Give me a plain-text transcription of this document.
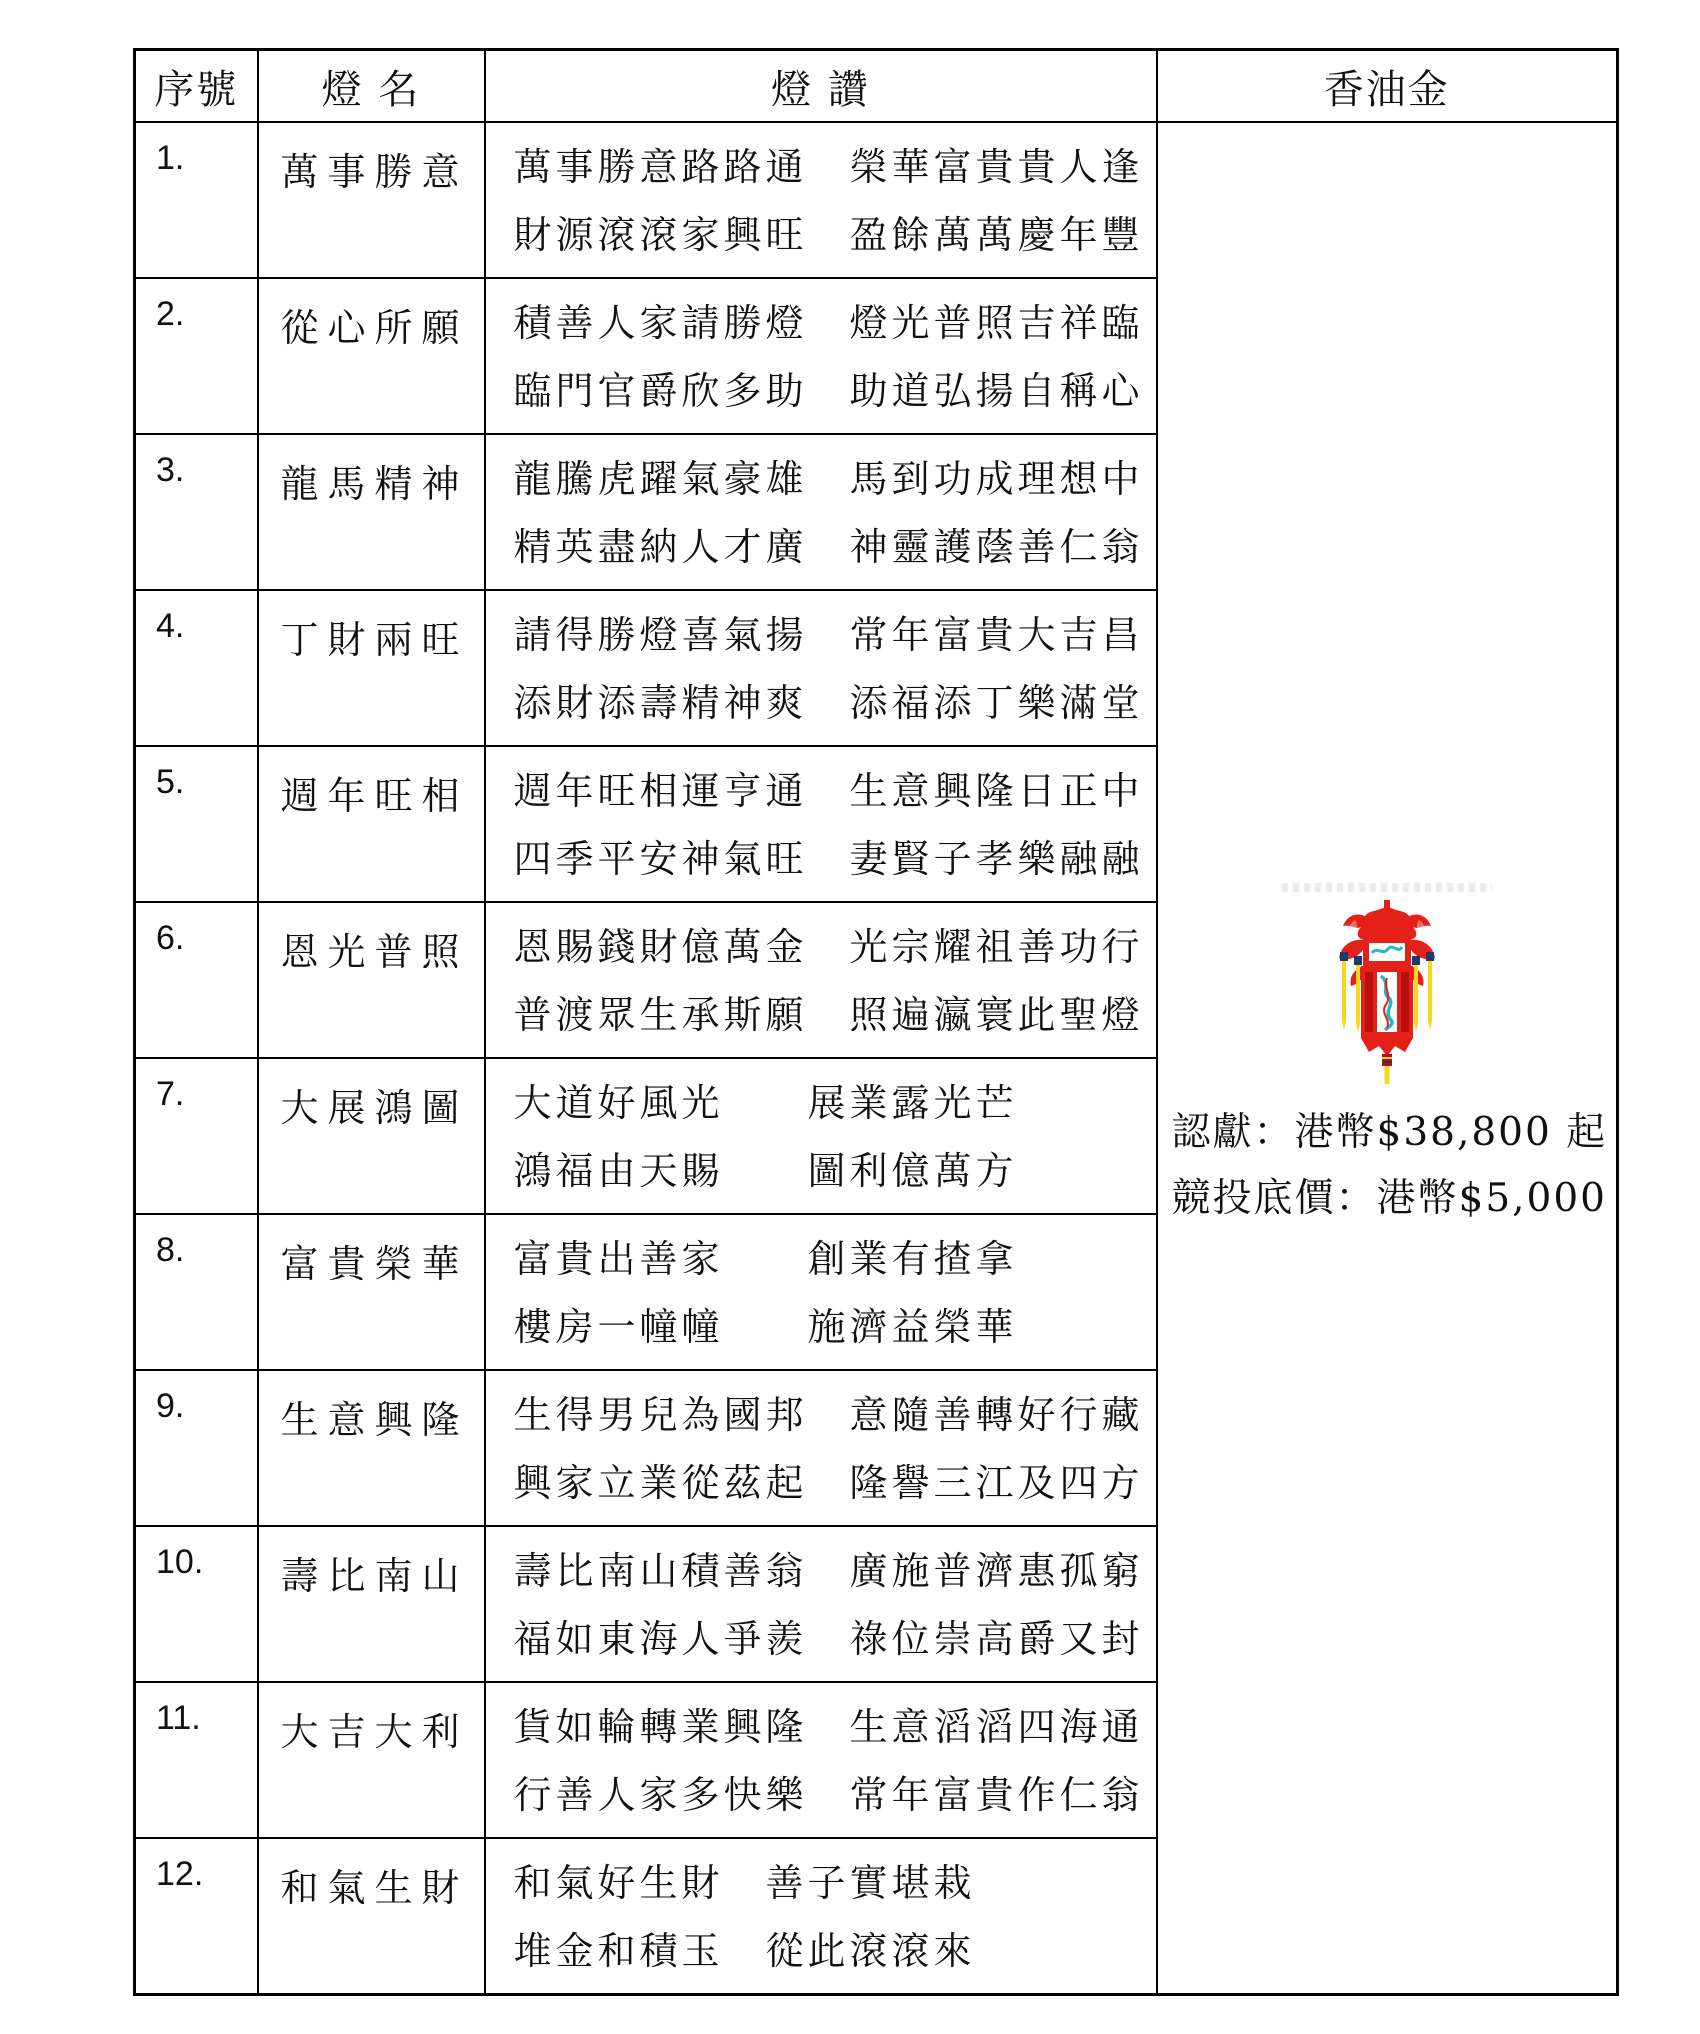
序號	燈 名	燈 讚	香油金
1.	萬事勝意	萬事勝意路路通　榮華富貴貴人逢
財源滾滾家興旺　盈餘萬萬慶年豐

認獻：港幣$38,800 起
競投底價：港幣$5,000

2.	從心所願	積善人家請勝燈　燈光普照吉祥臨
臨門官爵欣多助　助道弘揚自稱心	

3.	龍馬精神	龍騰虎躍氣豪雄　馬到功成理想中
精英盡納人才廣　神靈護蔭善仁翁	

4.	丁財兩旺	請得勝燈喜氣揚　常年富貴大吉昌
添財添壽精神爽　添福添丁樂滿堂	

5.	週年旺相	週年旺相運亨通　生意興隆日正中
四季平安神氣旺　妻賢子孝樂融融	

6.	恩光普照	恩賜錢財億萬金　光宗耀祖善功行
普渡眾生承斯願　照遍瀛寰此聖燈	

7.	大展鴻圖	大道好風光　　展業露光芒
鴻福由天賜　　圖利億萬方	

8.	富貴榮華	富貴出善家　　創業有揸拿
樓房一幢幢　　施濟益榮華	

9.	生意興隆	生得男兒為國邦　意隨善轉好行藏
興家立業從茲起　隆譽三江及四方	

10.	壽比南山	壽比南山積善翁　廣施普濟惠孤窮
福如東海人爭羨　祿位崇高爵又封	

11.	大吉大利	貨如輪轉業興隆　生意滔滔四海通
行善人家多快樂　常年富貴作仁翁	

12.	和氣生財	和氣好生財　善子實堪栽
堆金和積玉　從此滾滾來	
